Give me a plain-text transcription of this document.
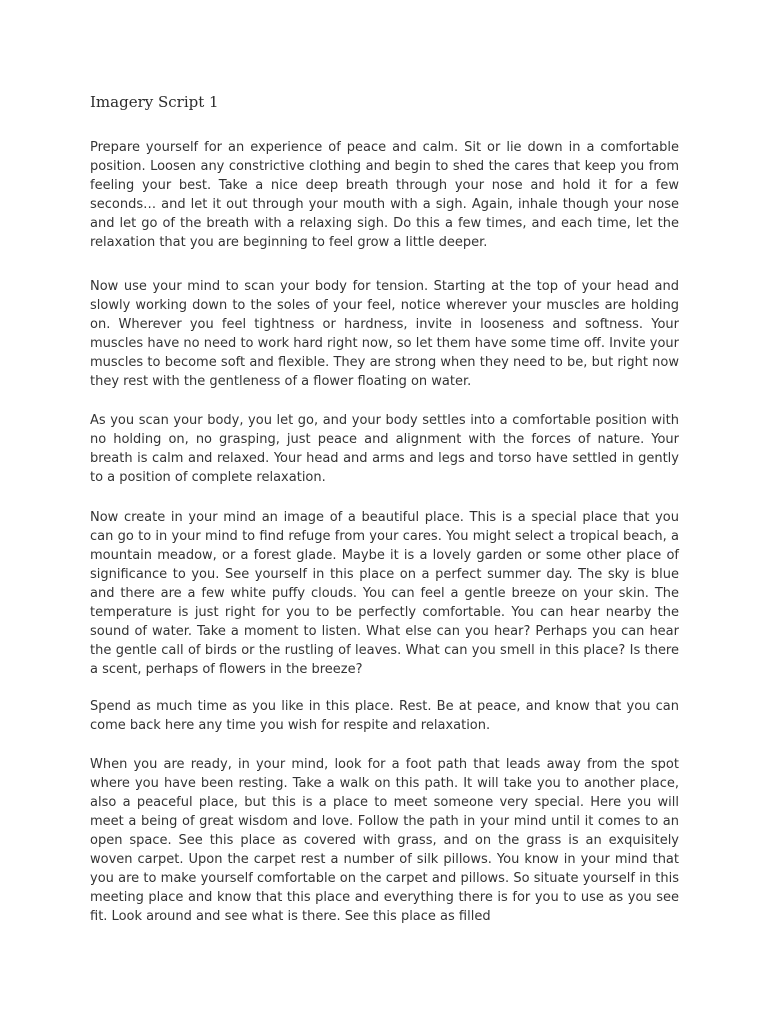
Imagery Script 1

Prepare yourself for an experience of peace and calm. Sit or lie down in a comfortable position. Loosen any constrictive clothing and begin to shed the cares that keep you from feeling your best. Take a nice deep breath through your nose and hold it for a few seconds… and let it out through your mouth with a sigh. Again, inhale though your nose and let go of the breath with a relaxing sigh. Do this a few times, and each time, let the relaxation that you are beginning to feel grow a little deeper.

Now use your mind to scan your body for tension. Starting at the top of your head and slowly working down to the soles of your feel, notice wherever your muscles are holding on. Wherever you feel tightness or hardness, invite in looseness and softness. Your muscles have no need to work hard right now, so let them have some time off. Invite your muscles to become soft and flexible. They are strong when they need to be, but right now they rest with the gentleness of a flower floating on water.

As you scan your body, you let go, and your body settles into a comfortable position with no holding on, no grasping, just peace and alignment with the forces of nature. Your breath is calm and relaxed. Your head and arms and legs and torso have settled in gently to a position of complete relaxation.

Now create in your mind an image of a beautiful place. This is a special place that you can go to in your mind to find refuge from your cares. You might select a tropical beach, a mountain meadow, or a forest glade. Maybe it is a lovely garden or some other place of significance to you. See yourself in this place on a perfect summer day. The sky is blue and there are a few white puffy clouds. You can feel a gentle breeze on your skin. The temperature is just right for you to be perfectly comfortable. You can hear nearby the sound of water. Take a moment to listen. What else can you hear? Perhaps you can hear the gentle call of birds or the rustling of leaves. What can you smell in this place? Is there a scent, perhaps of flowers in the breeze?

Spend as much time as you like in this place. Rest. Be at peace, and know that you can come back here any time you wish for respite and relaxation.

When you are ready, in your mind, look for a foot path that leads away from the spot where you have been resting. Take a walk on this path. It will take you to another place, also a peaceful place, but this is a place to meet someone very special. Here you will meet a being of great wisdom and love. Follow the path in your mind until it comes to an open space. See this place as covered with grass, and on the grass is an exquisitely woven carpet. Upon the carpet rest a number of silk pillows. You know in your mind that you are to make yourself comfortable on the carpet and pillows. So situate yourself in this meeting place and know that this place and everything there is for you to use as you see fit. Look around and see what is there. See this place as filled
